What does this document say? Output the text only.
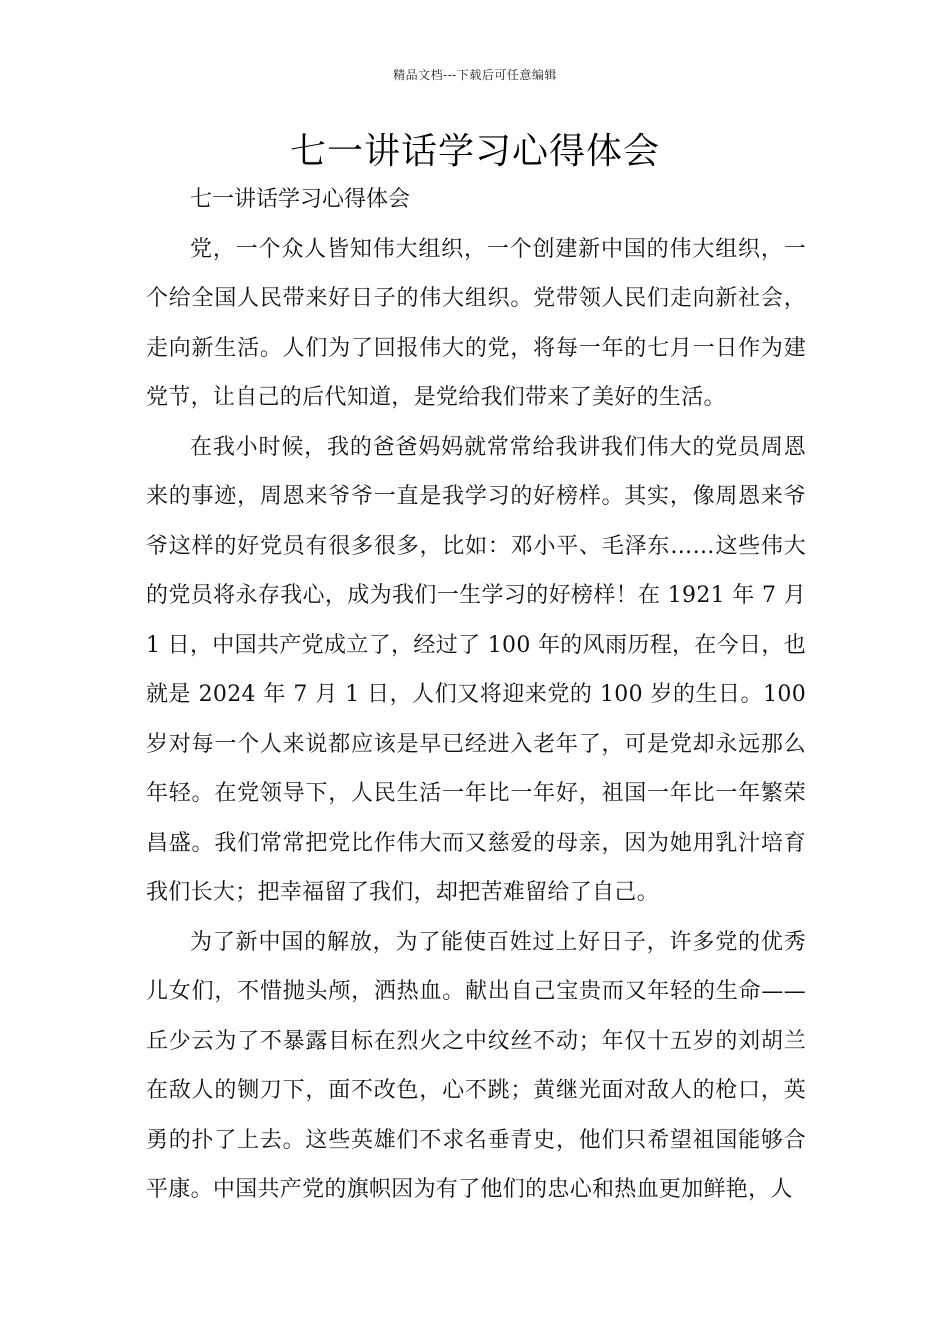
精品文档---下载后可任意编辑
七一讲话学习心得体会

七一讲话学习心得体会

党，一个众人皆知伟大组织，一个创建新中国的伟大组织，一个给全国人民带来好日子的伟大组织。党带领人民们走向新社会，走向新生活。人们为了回报伟大的党，将每一年的七月一日作为建党节，让自己的后代知道，是党给我们带来了美好的生活。

在我小时候，我的爸爸妈妈就常常给我讲我们伟大的党员周恩来的事迹，周恩来爷爷一直是我学习的好榜样。其实，像周恩来爷爷这样的好党员有很多很多，比如：邓小平、毛泽东……这些伟大的党员将永存我心，成为我们一生学习的好榜样！在 1921 年 7 月 1 日，中国共产党成立了，经过了 100 年的风雨历程，在今日，也就是 2024 年 7 月 1 日，人们又将迎来党的 100 岁的生日。100 岁对每一个人来说都应该是早已经进入老年了，可是党却永远那么年轻。在党领导下，人民生活一年比一年好，祖国一年比一年繁荣昌盛。我们常常把党比作伟大而又慈爱的母亲，因为她用乳汁培育我们长大；把幸福留了我们，却把苦难留给了自己。

为了新中国的解放，为了能使百姓过上好日子，许多党的优秀儿女们，不惜抛头颅，洒热血。献出自己宝贵而又年轻的生命——丘少云为了不暴露目标在烈火之中纹丝不动；年仅十五岁的刘胡兰在敌人的铡刀下，面不改色，心不跳；黄继光面对敌人的枪口，英勇的扑了上去。这些英雄们不求名垂青史，他们只希望祖国能够合平康。中国共产党的旗帜因为有了他们的忠心和热血更加鲜艳，人
